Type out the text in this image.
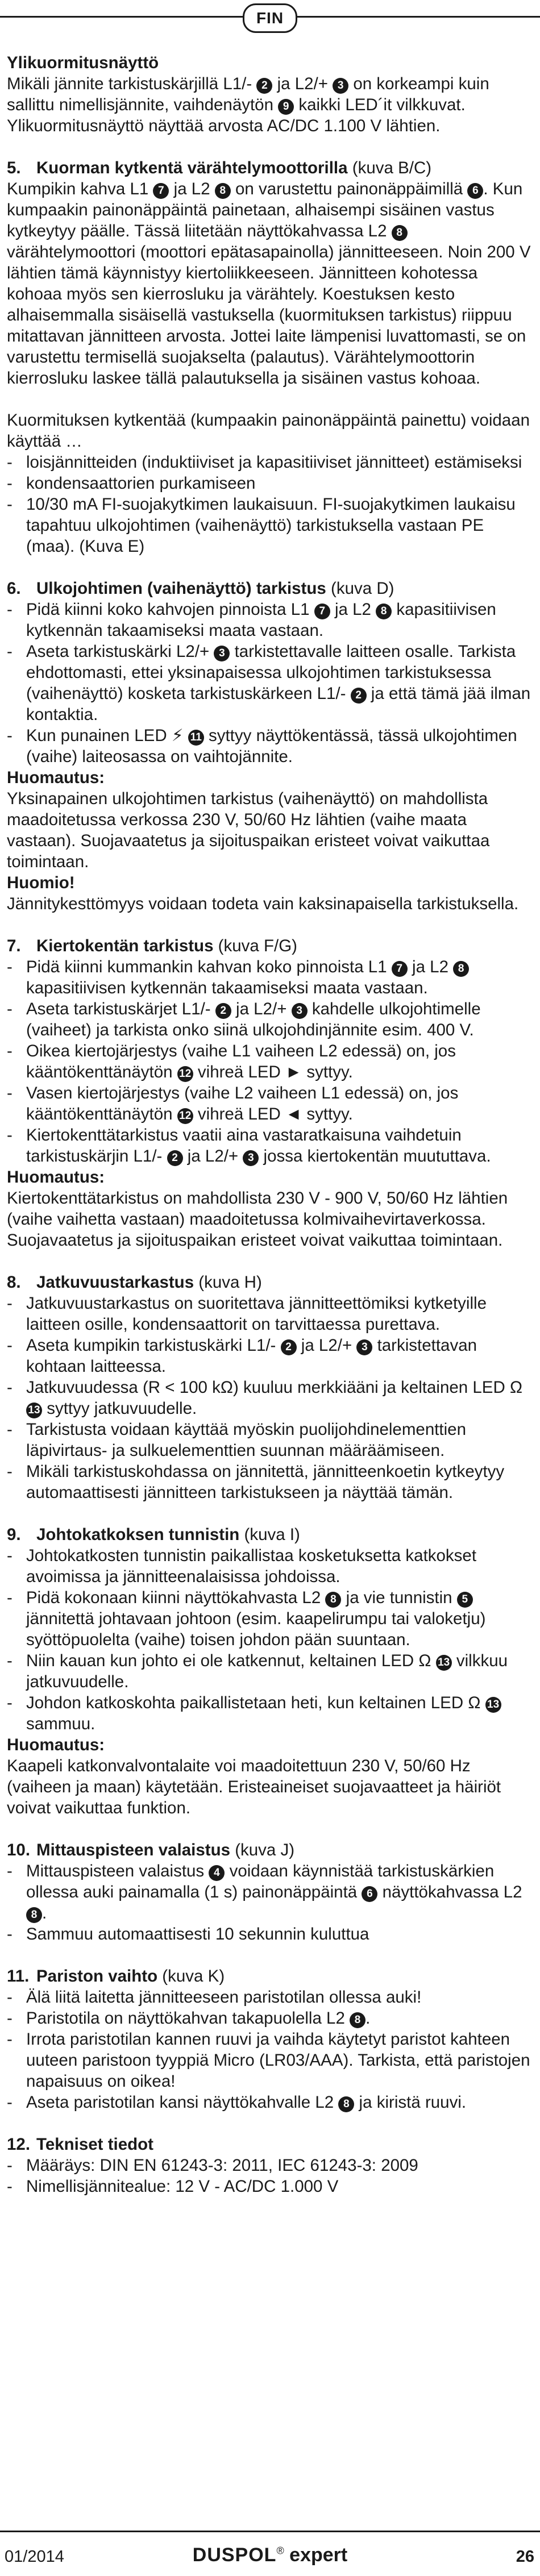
FIN

Ylikuormitusnäyttö

Mikäli jännite tarkistuskärjillä L1/- 2 ja L2/+ 3 on korkeampi kuin sallittu nimellisjännite, vaihdenäytön 9 kaikki LED´it vilkkuvat. Ylikuormitusnäyttö näyttää arvosta AC/DC 1.100 V lähtien.

5. Kuorman kytkentä värähtelymoottorilla (kuva B/C)

Kumpikin kahva L1 7 ja L2 8 on varustettu painonäppäimillä 6 . Kun kumpaakin painonäppäintä painetaan, alhaisempi sisäinen vastus kytkeytyy päälle. Tässä liitetään näyttökahvassa L2 8 värähtelymoottori (moottori epätasapainolla) jännitteeseen. Noin 200 V lähtien tämä käynnistyy kiertoliikkeeseen. Jännitteen kohotessa kohoaa myös sen kierrosluku ja värähtely. Koestuksen kesto alhaisemmalla sisäisellä vastuksella (kuormituksen tarkistus) riippuu mitattavan jännitteen arvosta. Jottei laite lämpenisi luvattomasti, se on varustettu termisellä suojakselta (palautus). Värähtelymoottorin kierrosluku laskee tällä palautuksella ja sisäinen vastus kohoaa.

Kuormituksen kytkentää (kumpaakin painonäppäintä painettu) voidaan käyttää …

- loisjännitteiden (induktiiviset ja kapasitiiviset jännitteet) estämiseksi
- kondensaattorien purkamiseen
- 10/30 mA FI-suojakytkimen laukaisuun. FI-suojakytkimen laukaisu tapahtuu ulkojohtimen (vaihenäyttö) tarkistuksella vastaan PE (maa). (Kuva E)

6. Ulkojohtimen (vaihenäyttö) tarkistus (kuva D)

- Pidä kiinni koko kahvojen pinnoista L1 7 ja L2 8 kapasitiivisen kytkennän takaamiseksi maata vastaan.
- Aseta tarkistuskärki L2/+ 3 tarkistettavalle laitteen osalle. Tarkista ehdottomasti, ettei yksinapaisessa ulkojohtimen tarkistuksessa (vaihenäyttö) kosketa tarkistuskärkeen L1/- 2 ja että tämä jää ilman kontaktia.
- Kun punainen LED ⚡ 11 syttyy näyttökentässä, tässä ulkojohtimen (vaihe) laiteosassa on vaihtojännite.

Huomautus:

Yksinapainen ulkojohtimen tarkistus (vaihenäyttö) on mahdollista maadoitetussa verkossa 230 V, 50/60 Hz lähtien (vaihe maata vastaan). Suojavaatetus ja sijoituspaikan eristeet voivat vaikuttaa toimintaan.

Huomio!

Jännitykesttömyys voidaan todeta vain kaksinapaisella tarkistuksella.

7. Kiertokentän tarkistus (kuva F/G)

- Pidä kiinni kummankin kahvan koko pinnoista L1 7 ja L2 8 kapasitiivisen kytkennän takaamiseksi maata vastaan.
- Aseta tarkistuskärjet L1/- 2 ja L2/+ 3 kahdelle ulkojohtimelle (vaiheet) ja tarkista onko siinä ulkojohdinjännite esim. 400 V.
- Oikea kiertojärjestys (vaihe L1 vaiheen L2 edessä) on, jos kääntökenttänäytön 12 vihreä LED ► syttyy.
- Vasen kiertojärjestys (vaihe L2 vaiheen L1 edessä) on, jos kääntökenttänäytön 12 vihreä LED ◄ syttyy.
- Kiertokenttätarkistus vaatii aina vastaratkaisuna vaihdetuin tarkistuskärjin L1/- 2 ja L2/+ 3 jossa kiertokentän muututtava.

Huomautus:

Kiertokenttätarkistus on mahdollista 230 V - 900 V, 50/60 Hz lähtien (vaihe vaihetta vastaan) maadoitetussa kolmivaihevirtaverkossa. Suojavaatetus ja sijoituspaikan eristeet voivat vaikuttaa toimintaan.

8. Jatkuvuustarkastus (kuva H)

- Jatkuvuustarkastus on suoritettava jännitteettömiksi kytketyille laitteen osille, kondensaattorit on tarvittaessa purettava.
- Aseta kumpikin tarkistuskärki L1/- 2 ja L2/+ 3 tarkistettavan kohtaan laitteessa.
- Jatkuvuudessa (R < 100 kΩ) kuuluu merkkiääni ja keltainen LED Ω 13 syttyy jatkuvuudelle.
- Tarkistusta voidaan käyttää myöskin puolijohdinelementtien läpivirtaus- ja sulkuelementtien suunnan määräämiseen.
- Mikäli tarkistuskohdassa on jännitettä, jännitteenkoetin kytkeytyy automaattisesti jännitteen tarkistukseen ja näyttää tämän.

9. Johtokatkoksen tunnistin (kuva I)

- Johtokatkosten tunnistin paikallistaa kosketuksetta katkokset avoimissa ja jännitteenalaisissa johdoissa.
- Pidä kokonaan kiinni näyttökahvasta L2 8 ja vie tunnistin 5 jännitettä johtavaan johtoon (esim. kaapelirumpu tai valoketju) syöttöpuolelta (vaihe) toisen johdon pään suuntaan.
- Niin kauan kun johto ei ole katkennut, keltainen LED Ω 13 vilkkuu jatkuvuudelle.
- Johdon katkoskohta paikallistetaan heti, kun keltainen LED Ω 13 sammuu.

Huomautus:

Kaapeli katkonvalvontalaite voi maadoitettuun 230 V, 50/60 Hz (vaiheen ja maan) käytetään. Eristeaineiset suojavaatteet ja häiriöt voivat vaikuttaa funktion.

10. Mittauspisteen valaistus (kuva J)

- Mittauspisteen valaistus 4 voidaan käynnistää tarkistuskärkien ollessa auki painamalla (1 s) painonäppäintä 6 näyttökahvassa L2 8 .
- Sammuu automaattisesti 10 sekunnin kuluttua

11. Pariston vaihto (kuva K)

- Älä liitä laitetta jännitteeseen paristotilan ollessa auki!
- Paristotila on näyttökahvan takapuolella L2 8 .
- Irrota paristotilan kannen ruuvi ja vaihda käytetyt paristot kahteen uuteen paristoon tyyppiä Micro (LR03/AAA). Tarkista, että paristojen napaisuus on oikea!
- Aseta paristotilan kansi näyttökahvalle L2 8 ja kiristä ruuvi.

12. Tekniset tiedot

- Määräys: DIN EN 61243-3: 2011, IEC 61243-3: 2009
- Nimellisjännitealue: 12 V - AC/DC 1.000 V
01/2014	DUSPOL® expert	26
